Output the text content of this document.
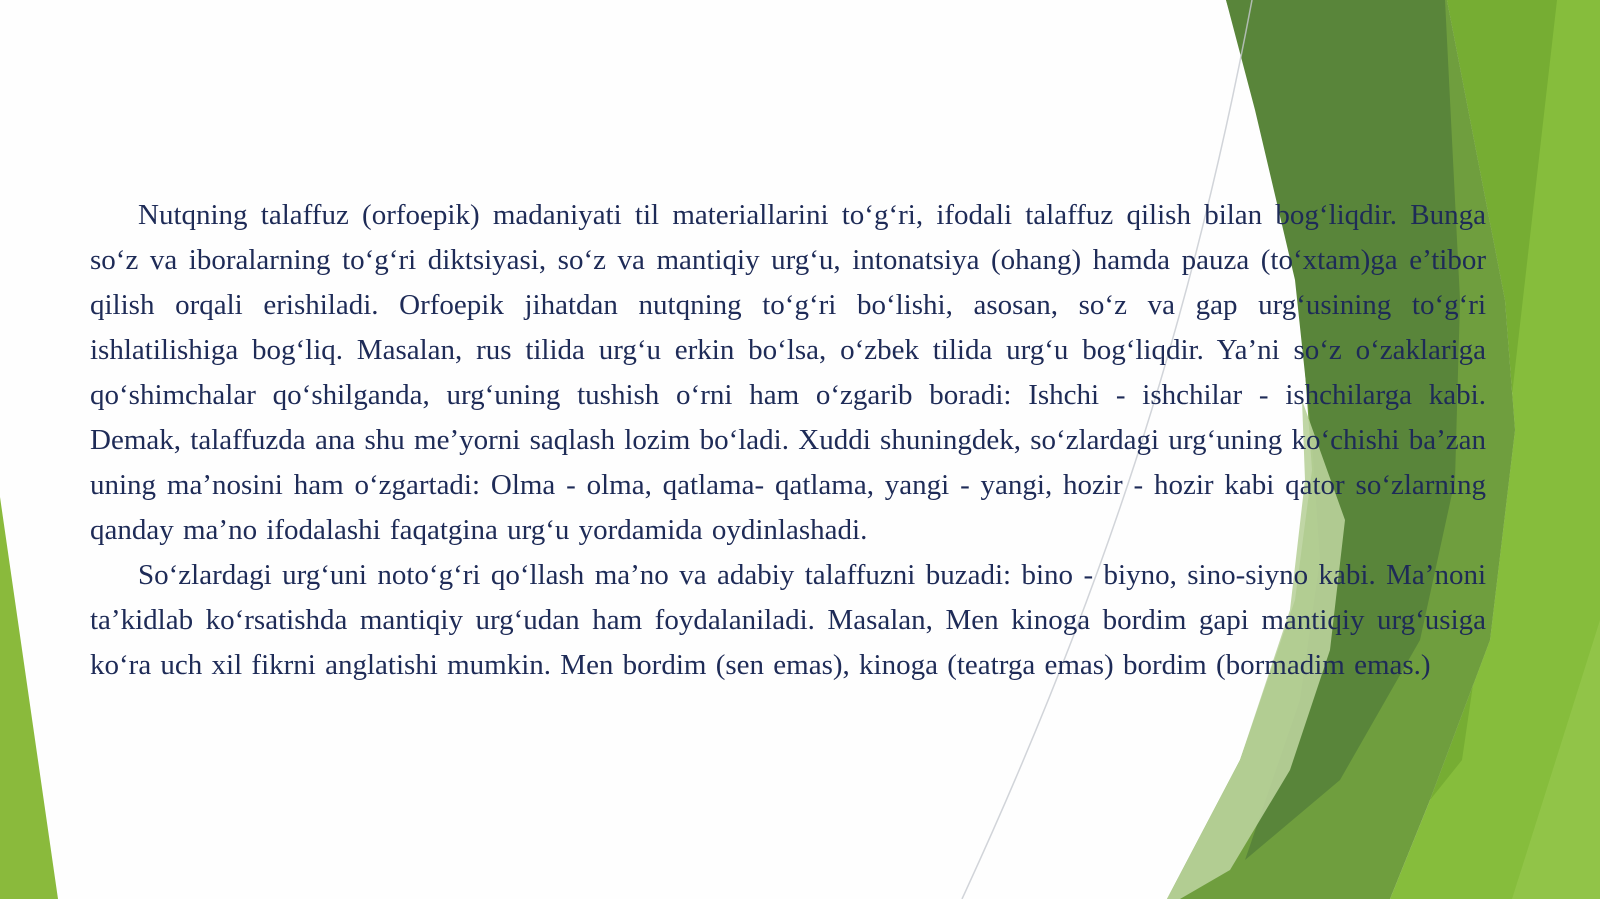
Nutqning talaffuz (orfoepik) madaniyati til materiallarini to‘g‘ri, ifodali talaffuz qilish bilan bog‘liqdir. Bunga so‘z va iboralarning to‘g‘ri diktsiyasi, so‘z va mantiqiy urg‘u, intonatsiya (ohang) hamda pauza (to‘xtam)ga e’tibor qilish orqali erishiladi. Orfoepik jihatdan nutqning to‘g‘ri bo‘lishi, asosan, so‘z va gap urg‘usining to‘g‘ri ishlatilishiga bog‘liq. Masalan, rus tilida urg‘u erkin bo‘lsa, o‘zbek tilida urg‘u bog‘liqdir. Ya’ni so‘z o‘zaklariga qo‘shimchalar qo‘shilganda, urg‘uning tushish o‘rni ham o‘zgarib boradi: Ishchi - ishchilar - ishchilarga kabi. Demak, talaffuzda ana shu me’yorni saqlash lozim bo‘ladi. Xuddi shuningdek, so‘zlardagi urg‘uning ko‘chishi ba’zan uning ma’nosini ham o‘zgartadi: Olma - olma, qatlama- qatlama, yangi - yangi, hozir - hozir kabi qator so‘zlarning qanday ma’no ifodalashi faqatgina urg‘u yordamida oydinlashadi.

So‘zlardagi urg‘uni noto‘g‘ri qo‘llash ma’no va adabiy talaffuzni buzadi: bino - biyno, sino-siyno kabi. Ma’noni ta’kidlab ko‘rsatishda mantiqiy urg‘udan ham foydalaniladi. Masalan, Men kinoga bordim gapi mantiqiy urg‘usiga ko‘ra uch xil fikrni anglatishi mumkin. Men bordim (sen emas), kinoga (teatrga emas) bordim (bormadim emas.)
